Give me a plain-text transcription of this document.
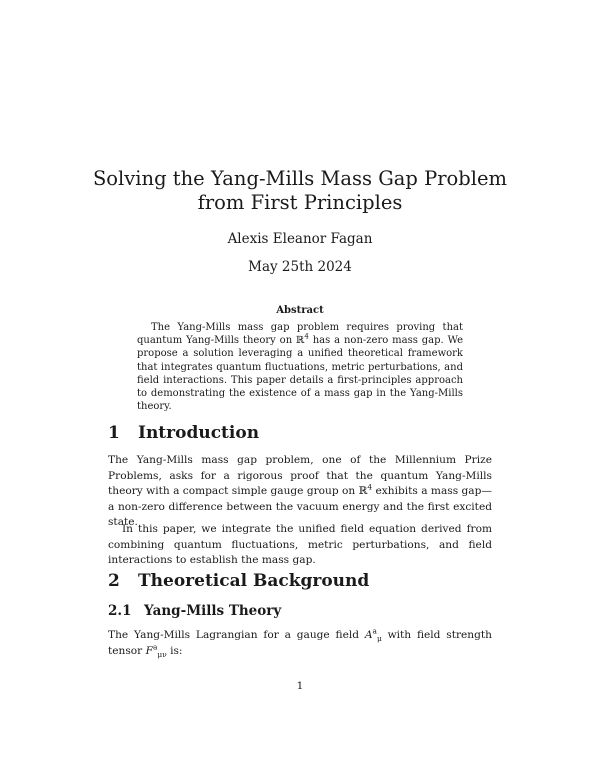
Solving the Yang-Mills Mass Gap Problem
from First Principles
Alexis Eleanor Fagan
May 25th 2024
Abstract

The Yang-Mills mass gap problem requires proving that quantum Yang-Mills theory on ℝ$^4$ has a non-zero mass gap. We propose a solution leveraging a unified theoretical framework that integrates quantum fluctuations, metric perturbations, and field interactions. This paper details a first-principles approach to demonstrating the existence of a mass gap in the Yang-Mills theory.

1 Introduction

The Yang-Mills mass gap problem, one of the Millennium Prize Problems, asks for a rigorous proof that the quantum Yang-Mills theory with a compact simple gauge group on ℝ$^4$ exhibits a mass gap—a non-zero difference between the vacuum energy and the first excited state.

In this paper, we integrate the unified field equation derived from combining quantum fluctuations, metric perturbations, and field interactions to establish the mass gap.

2 Theoretical Background
2.1 Yang-Mills Theory

The Yang-Mills Lagrangian for a gauge field $A^a_\mu$ with field strength tensor $F^a_{\mu\nu}$ is:

1
